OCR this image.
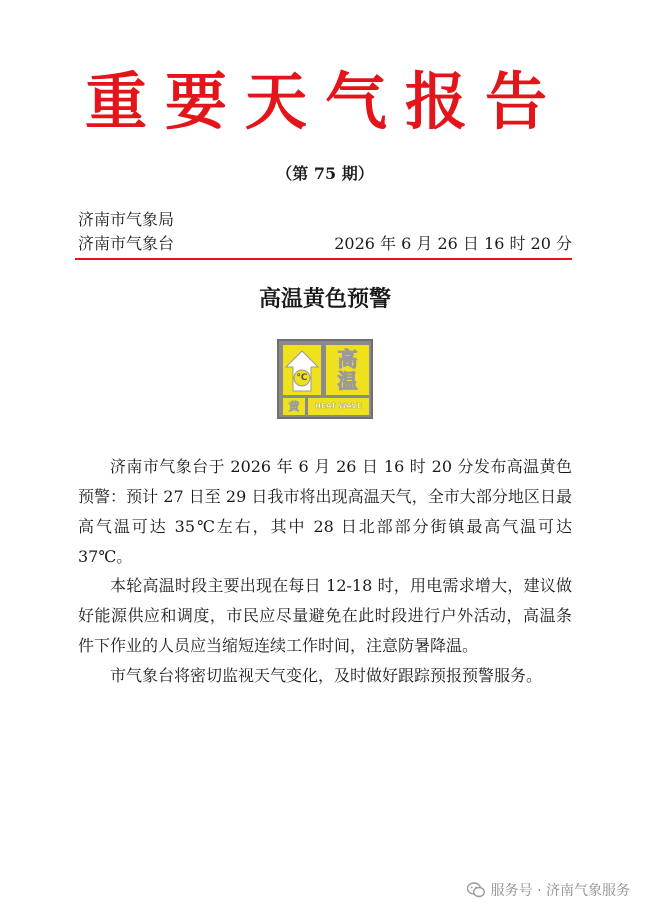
重要天气报告
（第 75 期）
济南市气象局
济南市气象台	2026 年 6 月 26 日 16 时 20 分
高温黄色预警
℃
高
温
黄	HEAT WAVE

济南市气象台于 2026 年 6 月 26 日 16 时 20 分发布高温黄色预警：预计 27 日至 29 日我市将出现高温天气，全市大部分地区日最高气温可达 35℃左右，其中 28 日北部部分街镇最高气温可达 37℃。

本轮高温时段主要出现在每日 12-18 时，用电需求增大，建议做好能源供应和调度，市民应尽量避免在此时段进行户外活动，高温条件下作业的人员应当缩短连续工作时间，注意防暑降温。

市气象台将密切监视天气变化，及时做好跟踪预报预警服务。

服务号 · 济南气象服务
